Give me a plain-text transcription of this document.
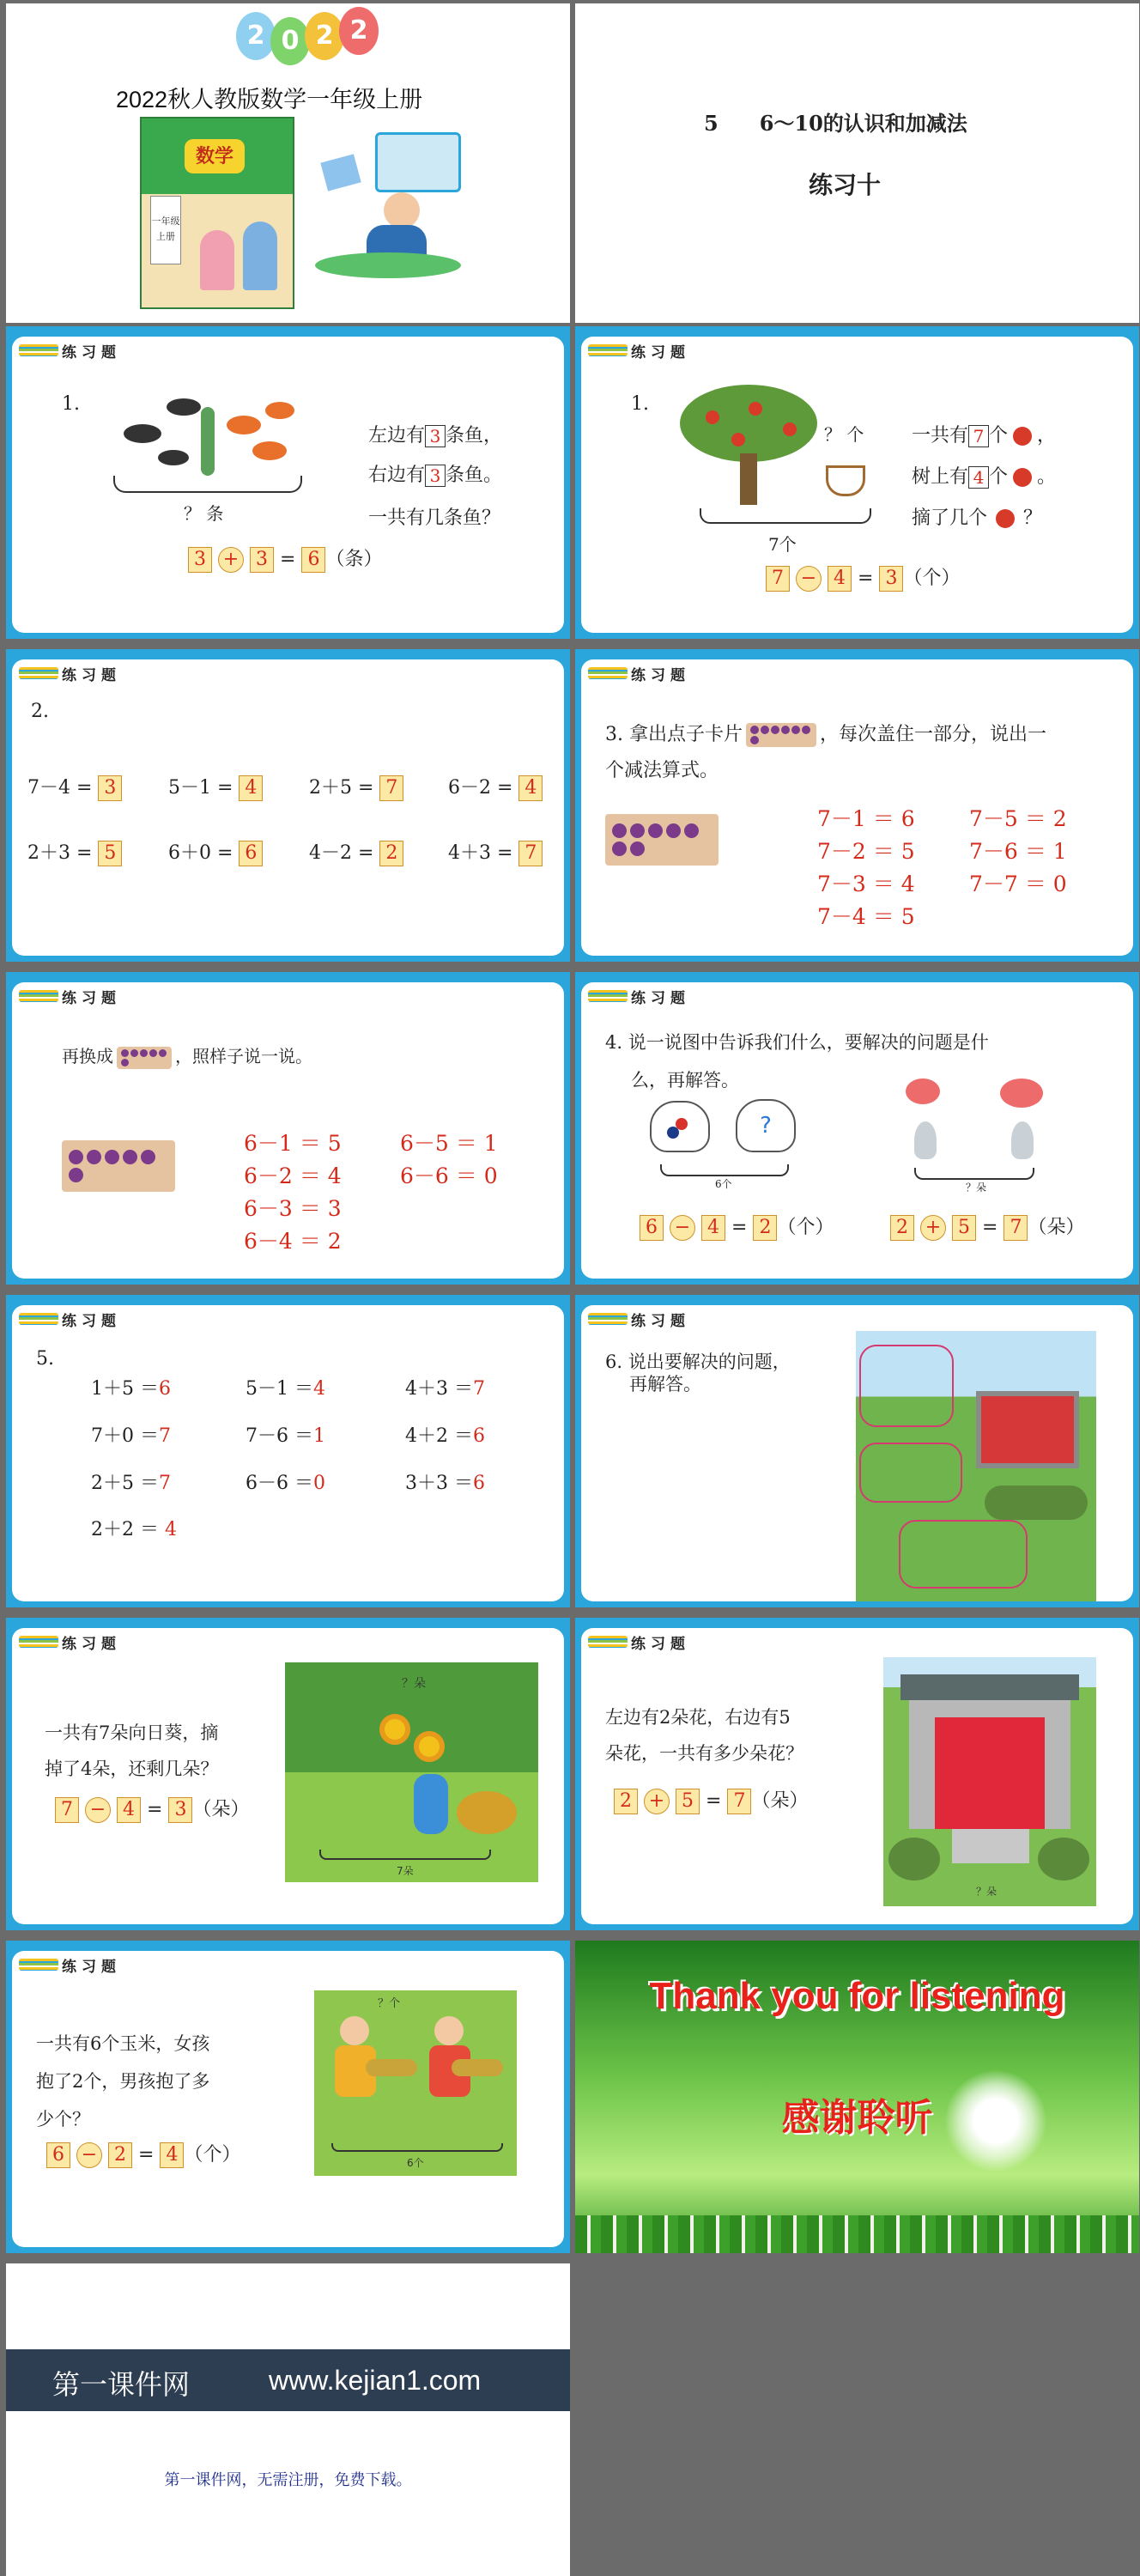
2 0 2 2
2022秋人教版数学一年级上册
数学
一年级
上册
5　　6～10的认识和加减法
练习十
练习题
1.
？ 条
左边有 3 条鱼，
右边有 3 条鱼。
一共有几条鱼？
3 + 3 = 6 （条）
练习题
1.
？ 个
7个
一共有 7 个 ，
树上有 4 个 。
摘了几个 ？
7 − 4 = 3 （个）
练习题
2.
7－4 = 3	5－1 = 4	2＋5 = 7	6－2 = 4
2＋3 = 5	6＋0 = 6	4－2 = 2	4＋3 = 7
练习题
3. 拿出点子卡片	，每次盖住一部分，说出一
个减法算式。
7－1 ＝ 6	7－5 ＝ 2
7－2 ＝ 5	7－6 ＝ 1
7－3 ＝ 4	7－7 ＝ 0
7－4 ＝ 5
练习题
再换成	，照样子说一说。
6－1 ＝ 5	6－5 ＝ 1
6－2 ＝ 4	6－6 ＝ 0
6－3 ＝ 3
6－4 ＝ 2
练习题
4. 说一说图中告诉我们什么，要解决的问题是什
么，再解答。
?
6个	？朵
6 − 4 = 2 （个）	2 + 5 = 7 （朵）
练习题
5.
1＋5 ＝6	5－1 ＝4	4＋3 ＝7
7＋0 ＝7	7－6 ＝1	4＋2 ＝6
2＋5 ＝7	6－6 ＝0	3＋3 ＝6
2＋2 ＝ 4
练习题
6. 说出要解决的问题，
再解答。
练习题
一共有7朵向日葵，摘
掉了4朵，还剩几朵？
7 − 4 = 3 （朵）
？朵
7朵
练习题
左边有2朵花，右边有5
朵花，一共有多少朵花？
2 + 5 = 7 （朵）
？朵
练习题
一共有6个玉米，女孩
抱了2个，男孩抱了多
少个？
6 − 2 = 4 （个）
？个
6个
Thank you for listening
感谢聆听
第一课件网	www.kejian1.com
第一课件网，无需注册，免费下载。
